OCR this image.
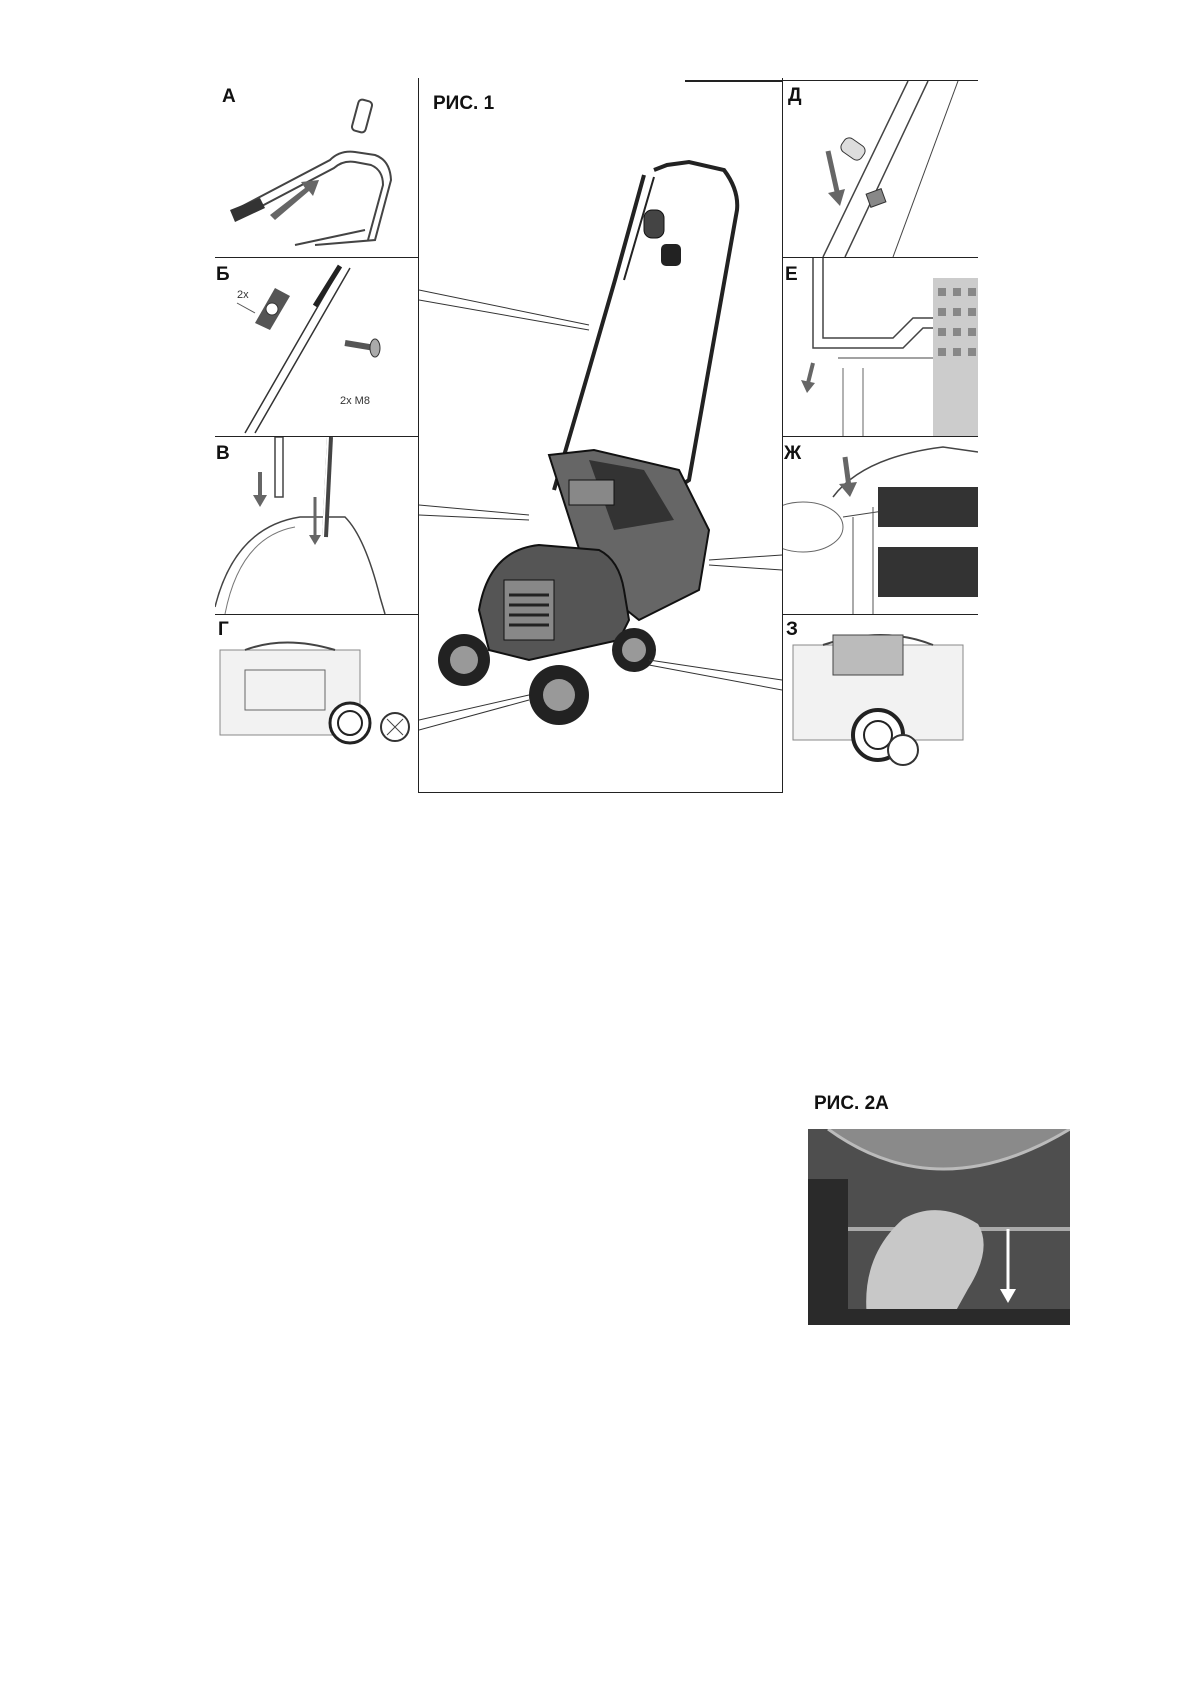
РИС. 1
А
2x M8
2x
Б
В
Г
Д
Е
Ж
З
РИС. 2А
